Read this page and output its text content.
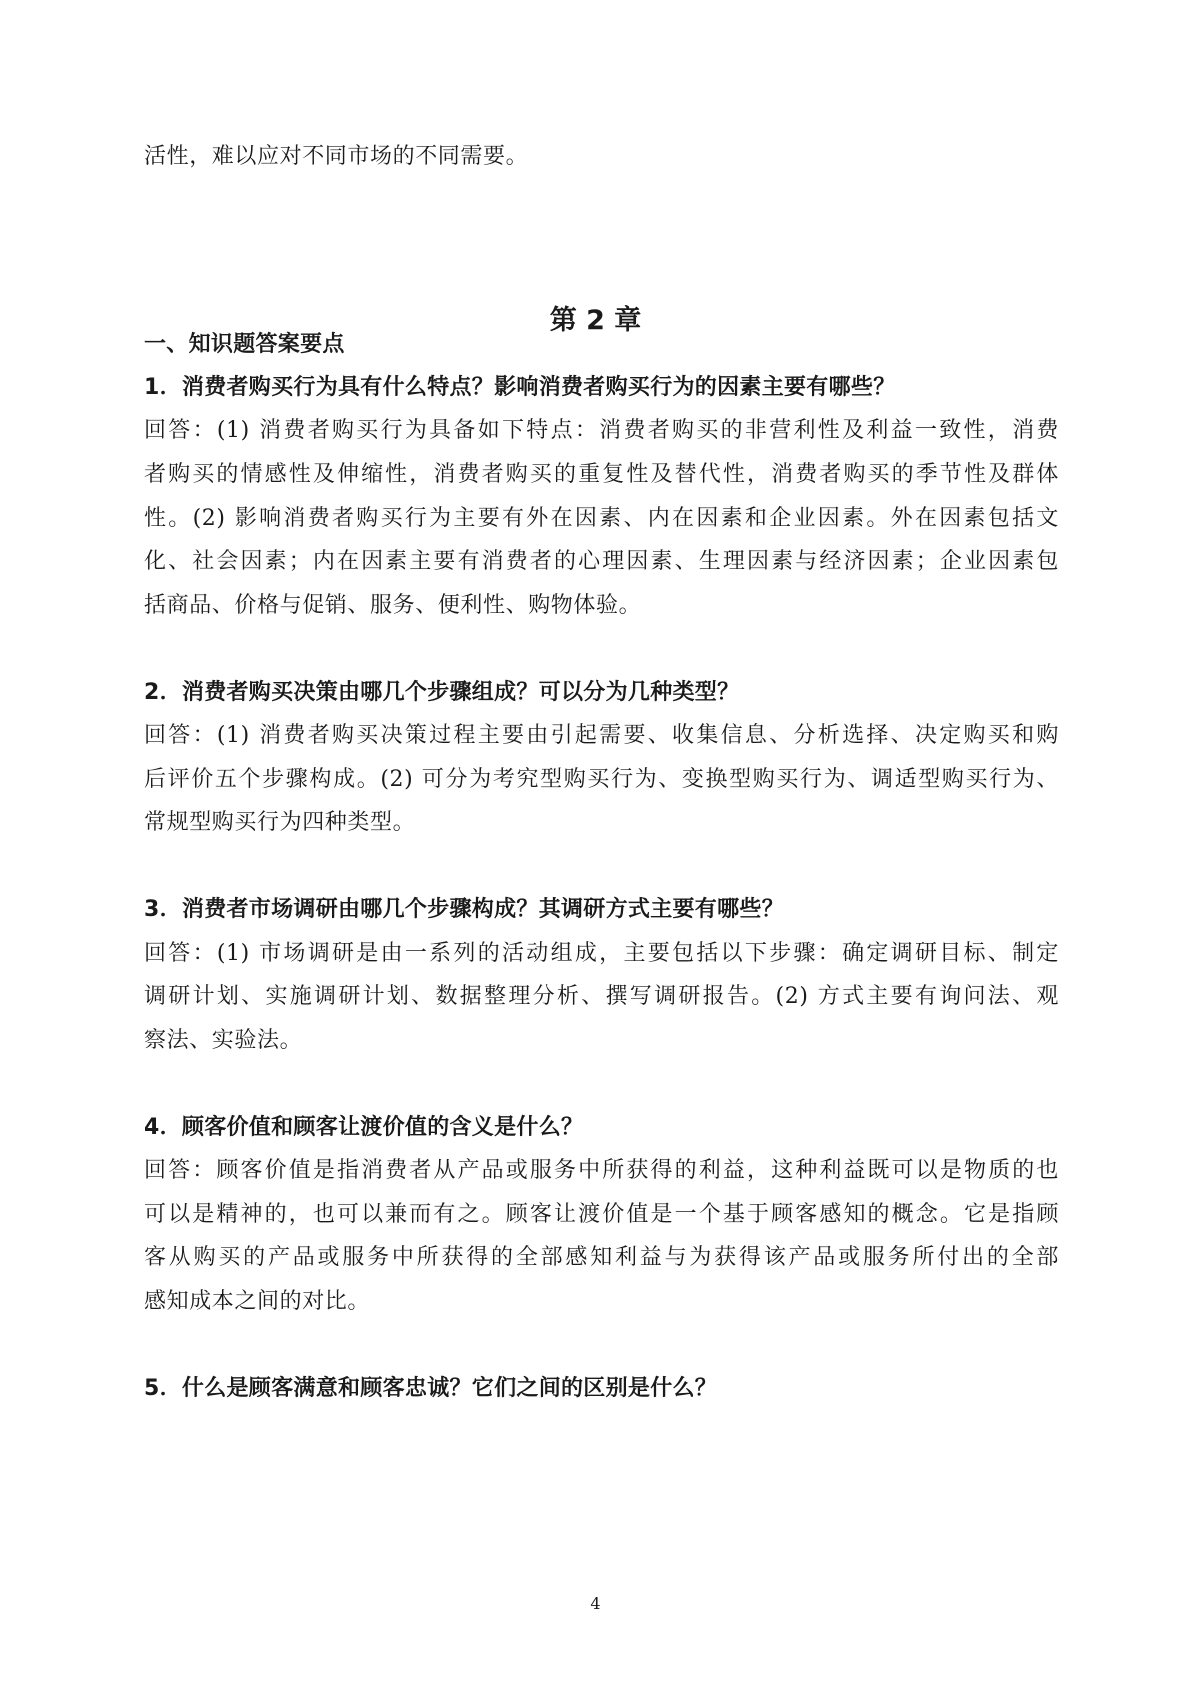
活性，难以应对不同市场的不同需要。
第 2 章
一、知识题答案要点
1．消费者购买行为具有什么特点？影响消费者购买行为的因素主要有哪些？
回答：(1) 消费者购买行为具备如下特点：消费者购买的非营利性及利益一致性，消费
者购买的情感性及伸缩性，消费者购买的重复性及替代性，消费者购买的季节性及群体
性。(2) 影响消费者购买行为主要有外在因素、内在因素和企业因素。外在因素包括文
化、社会因素；内在因素主要有消费者的心理因素、生理因素与经济因素；企业因素包
括商品、价格与促销、服务、便利性、购物体验。
2．消费者购买决策由哪几个步骤组成？可以分为几种类型？
回答：(1) 消费者购买决策过程主要由引起需要、收集信息、分析选择、决定购买和购
后评价五个步骤构成。(2) 可分为考究型购买行为、变换型购买行为、调适型购买行为、
常规型购买行为四种类型。
3．消费者市场调研由哪几个步骤构成？其调研方式主要有哪些？
回答：(1) 市场调研是由一系列的活动组成，主要包括以下步骤：确定调研目标、制定
调研计划、实施调研计划、数据整理分析、撰写调研报告。(2) 方式主要有询问法、观
察法、实验法。
4．顾客价值和顾客让渡价值的含义是什么？
回答：顾客价值是指消费者从产品或服务中所获得的利益，这种利益既可以是物质的也
可以是精神的，也可以兼而有之。顾客让渡价值是一个基于顾客感知的概念。它是指顾
客从购买的产品或服务中所获得的全部感知利益与为获得该产品或服务所付出的全部
感知成本之间的对比。
5．什么是顾客满意和顾客忠诚？它们之间的区别是什么？
4
